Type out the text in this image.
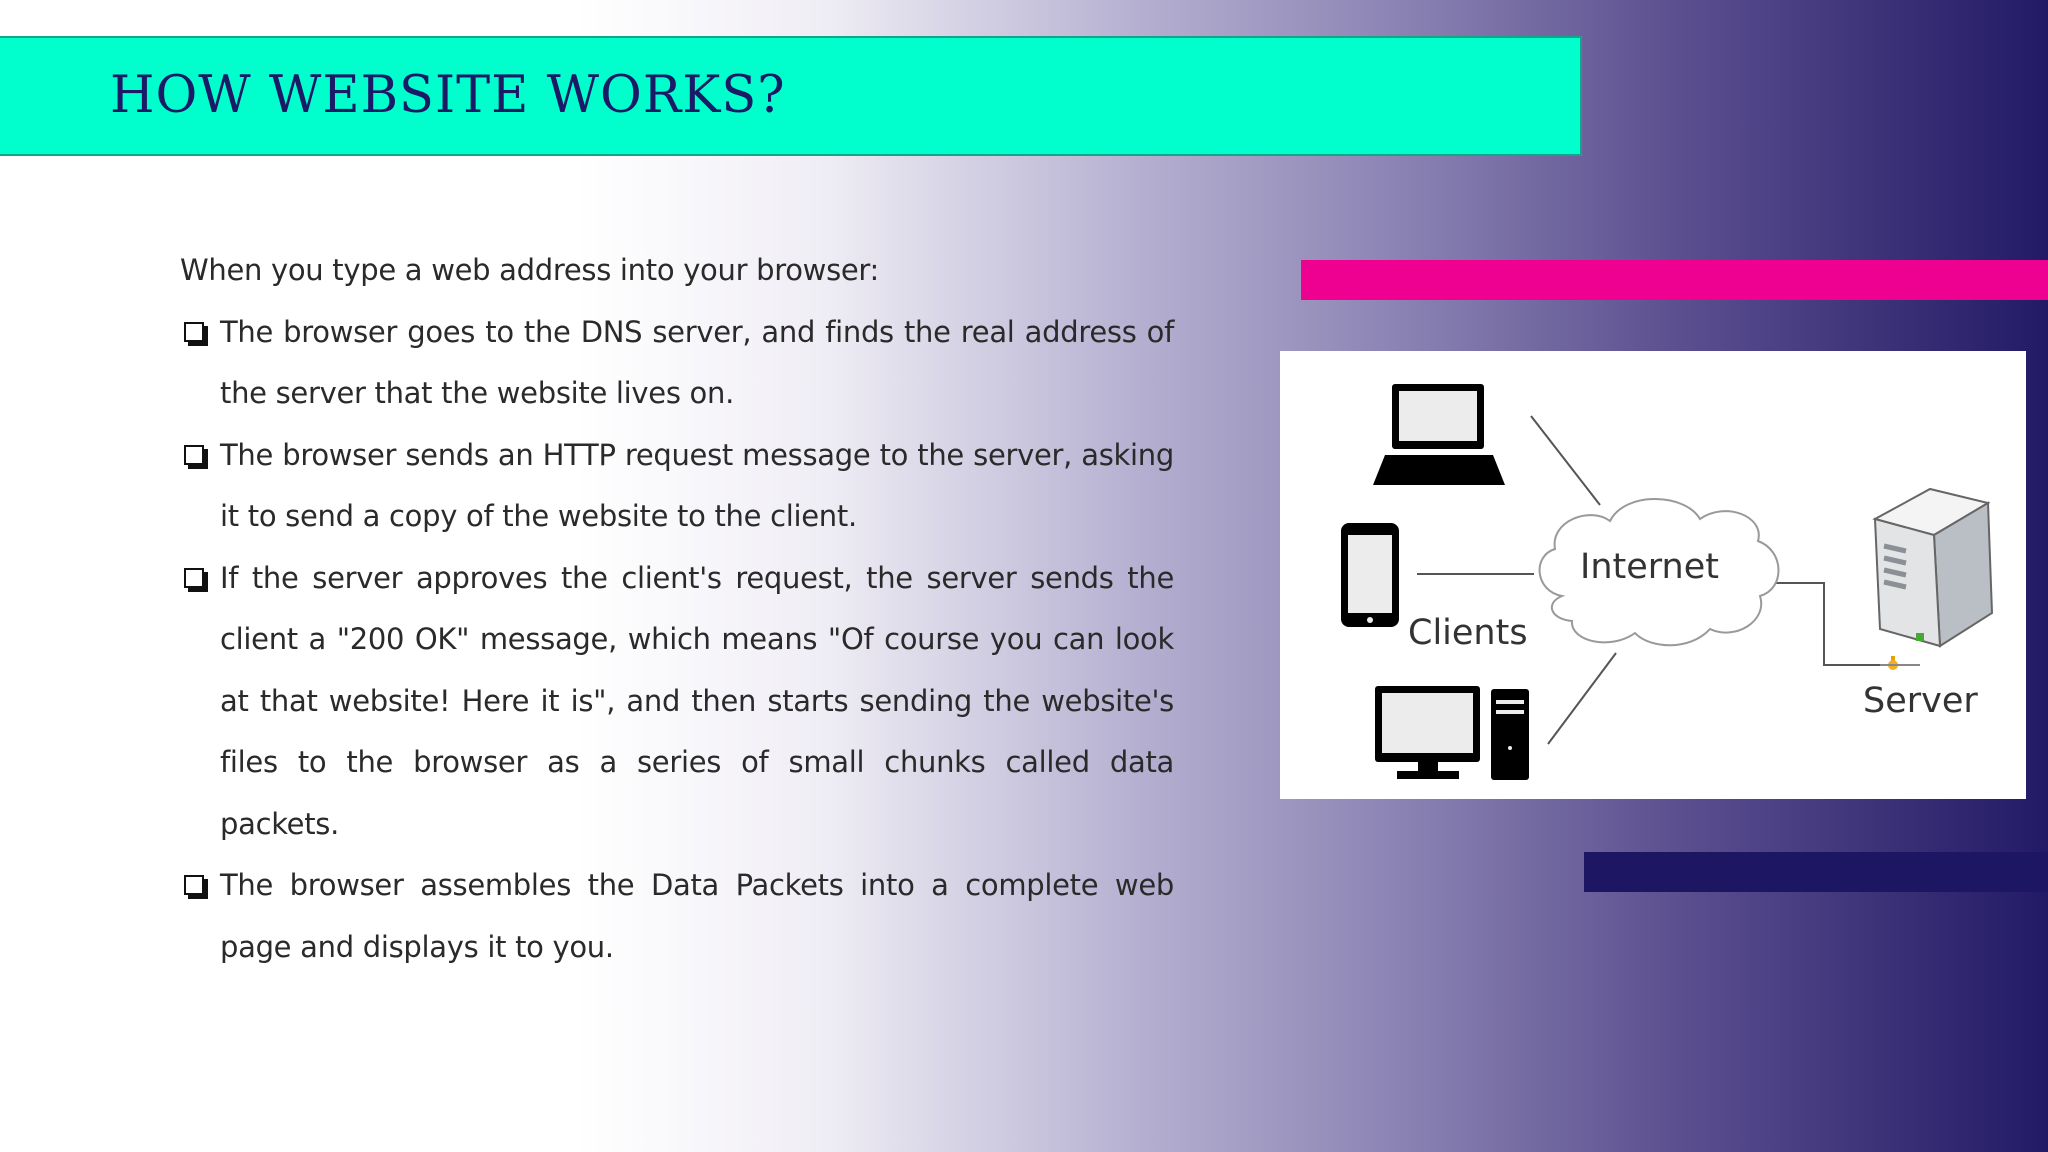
HOW WEBSITE WORKS?
When you type a web address into your browser:
The browser goes to the DNS server, and finds the real address of the server that the website lives on.
The browser sends an HTTP request message to the server, asking it to send a copy of the website to the client.
If the server approves the client's request, the server sends the client a "200 OK" message, which means "Of course you can look at that website! Here it is", and then starts sending the website's files to the browser as a series of small chunks called data packets.
The browser assembles the Data Packets into a complete web page and displays it to you.
Internet
Clients
Server
